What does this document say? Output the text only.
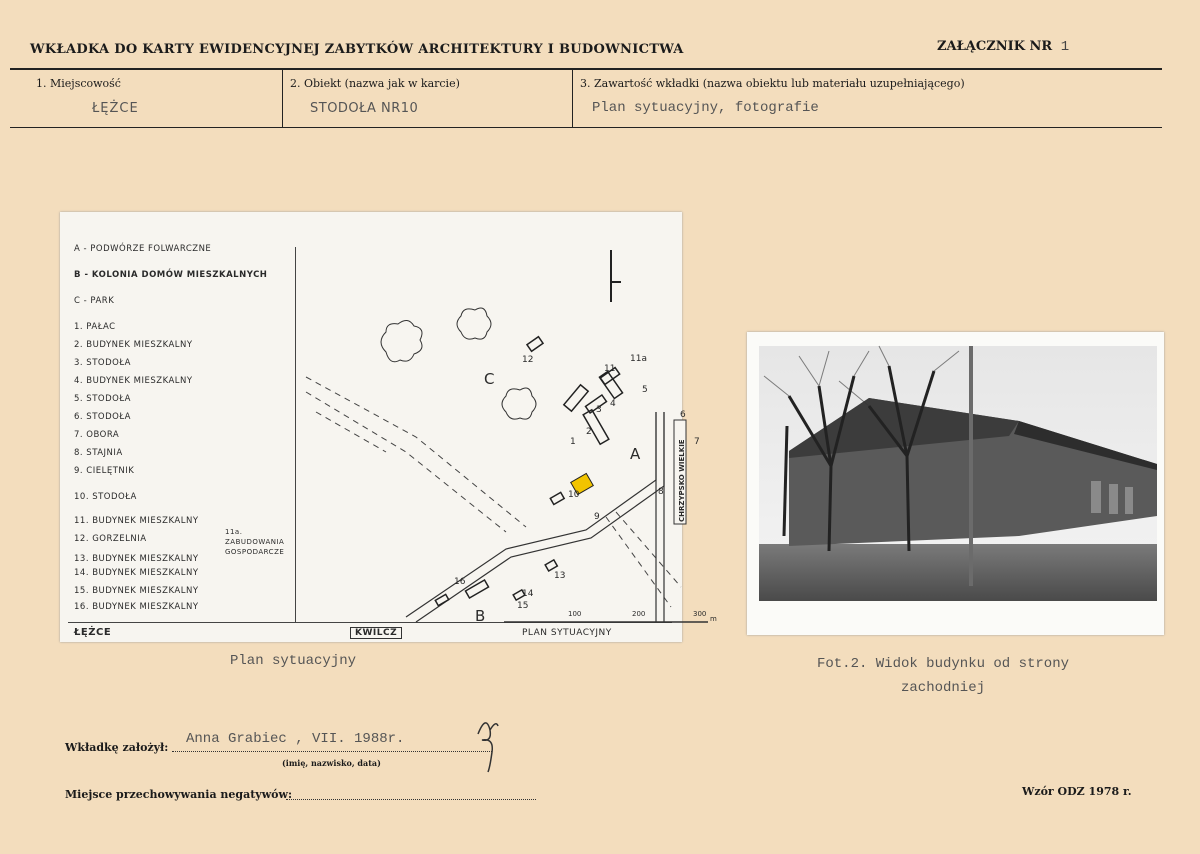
WKŁADKA DO KARTY EWIDENCYJNEJ ZABYTKÓW ARCHITEKTURY I BUDOWNICTWA	ZAŁĄCZNIK NR 1
1. Miejscowość
ŁĘŻCE
2. Obiekt (nazwa jak w karcie)
STODOŁA NR10
3. Zawartość wkładki (nazwa obiektu lub materiału uzupełniającego)
Plan sytuacyjny, fotografie
A - PODWÓRZE FOLWARCZNE
B - KOLONIA DOMÓW MIESZKALNYCH
C - PARK
1. PAŁAC
2. BUDYNEK MIESZKALNY
3. STODOŁA
4. BUDYNEK MIESZKALNY
5. STODOŁA
6. STODOŁA
7. OBORA
8. STAJNIA
9. CIELĘTNIK
10. STODOŁA
11. BUDYNEK MIESZKALNY
12. GORZELNIA
13. BUDYNEK MIESZKALNY
14. BUDYNEK MIESZKALNY
15. BUDYNEK MIESZKALNY
16. BUDYNEK MIESZKALNY
11a.
ZABUDOWANIA
GOSPODARCZE
ŁĘŻCE	KWILCZ	PLAN SYTUACYJNY
1
2
3
4
5
6
7
8
9
10
11
11a
12
13
14
15
16
A
B
C
CHRZYPSKO WIELKIE
100	200	300
m
Plan sytuacyjny	Fot.2. Widok budynku od strony
zachodniej
Wkładkę założył:
Anna Grabiec , VII. 1988r.
(imię, nazwisko, data)
Miejsce przechowywania negatywów:	Wzór ODZ 1978 r.
